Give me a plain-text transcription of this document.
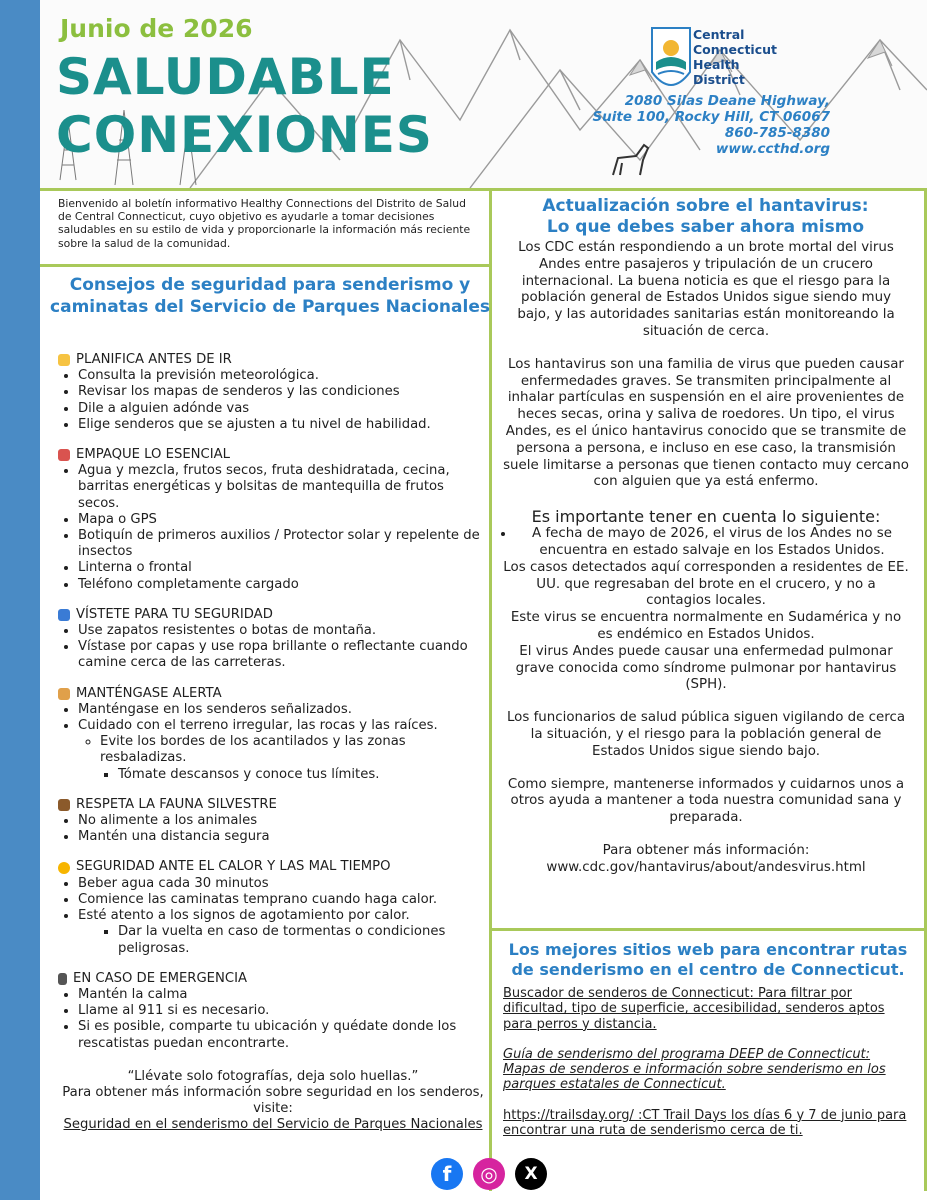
Junio de 2026
SALUDABLE
CONEXIONES
Central
Connecticut
Health
District
2080 Silas Deane Highway,
Suite 100, Rocky Hill, CT 06067
860-785-8380
www.ccthd.org
Bienvenido al boletín informativo Healthy Connections del Distrito de Salud de Central Connecticut, cuyo objetivo es ayudarle a tomar decisiones saludables en su estilo de vida y proporcionarle la información más reciente sobre la salud de la comunidad.
Consejos de seguridad para senderismo y caminatas del Servicio de Parques Nacionales
PLANIFICA ANTES DE IR
• Consulta la previsión meteorológica.
• Revisar los mapas de senderos y las condiciones
• Dile a alguien adónde vas
• Elige senderos que se ajusten a tu nivel de habilidad.
EMPAQUE LO ESENCIAL
• Agua y mezcla, frutos secos, fruta deshidratada, cecina, barritas energéticas y bolsitas de mantequilla de frutos secos.
• Mapa o GPS
• Botiquín de primeros auxilios / Protector solar y repelente de insectos
• Linterna o frontal
• Teléfono completamente cargado
VÍSTETE PARA TU SEGURIDAD
• Use zapatos resistentes o botas de montaña.
• Vístase por capas y use ropa brillante o reflectante cuando camine cerca de las carreteras.
MANTÉNGASE ALERTA
• Manténgase en los senderos señalizados.
• Cuidado con el terreno irregular, las rocas y las raíces.
◦ Evite los bordes de los acantilados y las zonas resbaladizas.
▪ Tómate descansos y conoce tus límites.
RESPETA LA FAUNA SILVESTRE
• No alimente a los animales
• Mantén una distancia segura
SEGURIDAD ANTE EL CALOR Y LAS MAL TIEMPO
• Beber agua cada 30 minutos
• Comience las caminatas temprano cuando haga calor.
• Esté atento a los signos de agotamiento por calor.
▪ Dar la vuelta en caso de tormentas o condiciones peligrosas.
EN CASO DE EMERGENCIA
• Mantén la calma
• Llame al 911 si es necesario.
• Si es posible, comparte tu ubicación y quédate donde los rescatistas puedan encontrarte.
“Llévate solo fotografías, deja solo huellas.”
Para obtener más información sobre seguridad en los senderos, visite:
Seguridad en el senderismo del Servicio de Parques Nacionales
Actualización sobre el hantavirus:
Lo que debes saber ahora mismo

Los CDC están respondiendo a un brote mortal del virus Andes entre pasajeros y tripulación de un crucero internacional. La buena noticia es que el riesgo para la población general de Estados Unidos sigue siendo muy bajo, y las autoridades sanitarias están monitoreando la situación de cerca.

Los hantavirus son una familia de virus que pueden causar enfermedades graves. Se transmiten principalmente al inhalar partículas en suspensión en el aire provenientes de heces secas, orina y saliva de roedores. Un tipo, el virus Andes, es el único hantavirus conocido que se transmite de persona a persona, e incluso en ese caso, la transmisión suele limitarse a personas que tienen contacto muy cercano con alguien que ya está enfermo.

Es importante tener en cuenta lo siguiente:
• A fecha de mayo de 2026, el virus de los Andes no se encuentra en estado salvaje en los Estados Unidos.
Los casos detectados aquí corresponden a residentes de EE. UU. que regresaban del brote en el crucero, y no a contagios locales.
Este virus se encuentra normalmente en Sudamérica y no es endémico en Estados Unidos.

El virus Andes puede causar una enfermedad pulmonar grave conocida como síndrome pulmonar por hantavirus (SPH).

Los funcionarios de salud pública siguen vigilando de cerca la situación, y el riesgo para la población general de Estados Unidos sigue siendo bajo.

Como siempre, mantenerse informados y cuidarnos unos a otros ayuda a mantener a toda nuestra comunidad sana y preparada.

Para obtener más información:
www.cdc.gov/hantavirus/about/andesvirus.html
Los mejores sitios web para encontrar rutas de senderismo en el centro de Connecticut.

Buscador de senderos de Connecticut: Para filtrar por dificultad, tipo de superficie, accesibilidad, senderos aptos para perros y distancia.

Guía de senderismo del programa DEEP de Connecticut: Mapas de senderos e información sobre senderismo en los parques estatales de Connecticut.

https://trailsday.org/ :CT Trail Days los días 6 y 7 de junio para encontrar una ruta de senderismo cerca de ti.

f	◎	X
